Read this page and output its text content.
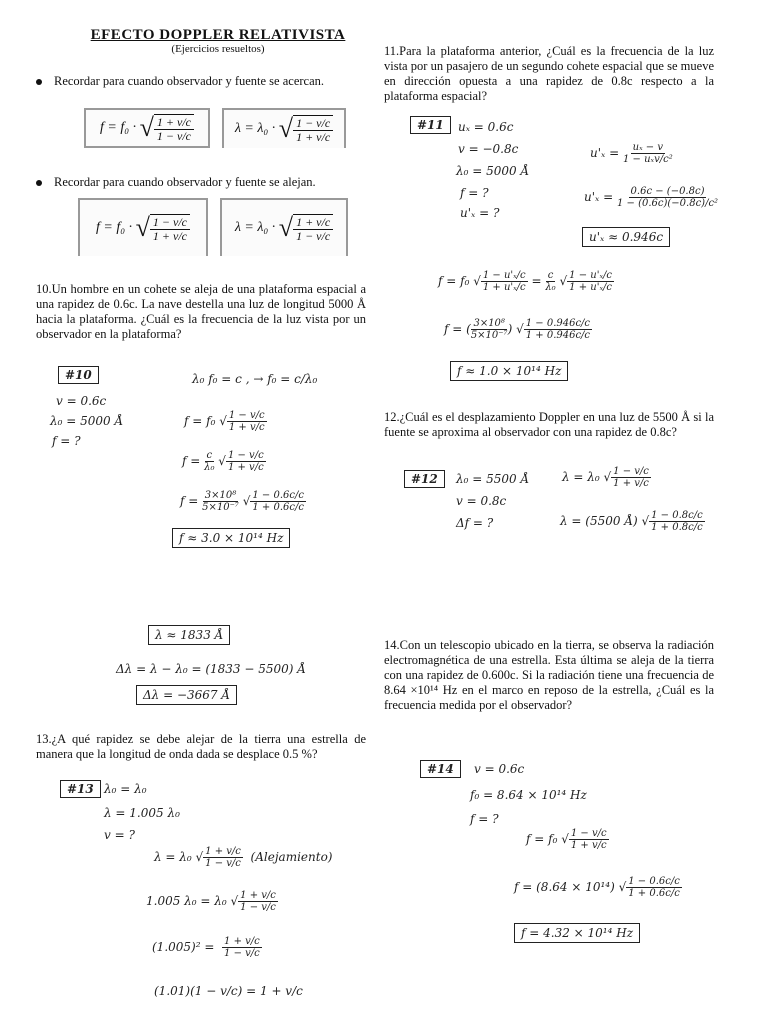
EFECTO DOPPLER RELATIVISTA
(Ejercicios resueltos)
Recordar para cuando observador y fuente se acercan.
f = f₀ ·
√ $\frac{1 + v/c}{1 - v/c}$	λ = λ₀ ·
√ $\frac{1 - v/c}{1 + v/c}$
Recordar para cuando observador y fuente se alejan.
f = f₀ ·
√ $\frac{1 - v/c}{1 + v/c}$	λ = λ₀ ·
√ $\frac{1 + v/c}{1 - v/c}$
10.Un hombre en un cohete se aleja de una plataforma espacial a una rapidez de 0.6c. La nave destella una luz de longitud 5000 Å hacia la plataforma. ¿Cuál es la frecuencia de la luz vista por un observador en la plataforma?
#10
v = 0.6c
λ₀ = 5000 Å
f = ?
λ₀ f₀ = c , → f₀ = c/λ₀
f = f₀ √ $\frac{1 - v/c}{1 + v/c}$
$f = \frac{c}{\text{λ₀}}$ √ $\frac{1 - v/c}{1 + v/c}$
$f = \frac{\text{3×10⁸}}{\text{5×10⁻⁷}}$ √ $\frac{1 - 0.6c/c}{1 + 0.6c/c}$
f ≈ 3.0 × 10¹⁴ Hz
λ ≈ 1833 Å
Δλ = λ − λ₀ = (1833 − 5500) Å
Δλ = −3667 Å
13.¿A qué rapidez se debe alejar de la tierra una estrella de manera que la longitud de onda dada se desplace 0.5 %?
#13 λ₀ = λ₀
λ = 1.005 λ₀
v = ?
λ = λ₀ √ $\frac{1 + v/c}{1 - v/c}$ (Alejamiento)
1.005 λ₀ = λ₀ √ $\frac{1 + v/c}{1 - v/c}$
$(1.005)^2 = \frac{1 + v/c}{1 - v/c}$
(1.01)(1 − v/c) = 1 + v/c
11.Para la plataforma anterior, ¿Cuál es la frecuencia de la luz vista por un pasajero de un segundo cohete espacial que se mueve en dirección opuesta a una rapidez de 0.8c respecto a la plataforma espacial?
#11	uₓ = 0.6c
v = −0.8c
λ₀ = 5000 Å
f = ?
u'ₓ = ?
u'ₓ = uₓ − v
1 − uₓv/c²
$u'_x = \frac{0.6c - (-0.8c)}{\text{1 − (0.6c)(−0.8c)/c²}}$
u'ₓ ≈ 0.946c
f = f₀ √ $\frac{\text{1 − u'ₓ/c}}{\text{1 + u'ₓ/c}} = \frac{c}{\text{λ₀}}$ √ $\frac{\text{1 − u'ₓ/c}}{\text{1 + u'ₓ/c}}$
f = ( $\frac{\text{3×10⁸}}{\text{5×10⁻⁷}}$ ) √ $\frac{1 - 0.946c/c}{1 + 0.946c/c}$
f ≈ 1.0 × 10¹⁴ Hz
12.¿Cuál es el desplazamiento Doppler en una luz de 5500 Å si la fuente se aproxima al observador con una rapidez de 0.8c?
#12	λ₀ = 5500 Å
v = 0.8c
Δf = ?
λ = λ₀ √ $\frac{1 - v/c}{1 + v/c}$
λ = (5500 Å) √ $\frac{1 - 0.8c/c}{1 + 0.8c/c}$
14.Con un telescopio ubicado en la tierra, se observa la radiación electromagnética de una estrella. Esta última se aleja de la tierra con una rapidez de 0.600c. Si la radiación tiene una frecuencia de 8.64 ×10¹⁴ Hz en el marco en reposo de la estrella, ¿Cuál es la frecuencia medida por el observador?
#14	v = 0.6c
f₀ = 8.64 × 10¹⁴ Hz
f = ?
f = f₀ √ $\frac{1 - v/c}{1 + v/c}$
f = (8.64 × 10¹⁴) √ $\frac{1 - 0.6c/c}{1 + 0.6c/c}$
f = 4.32 × 10¹⁴ Hz
